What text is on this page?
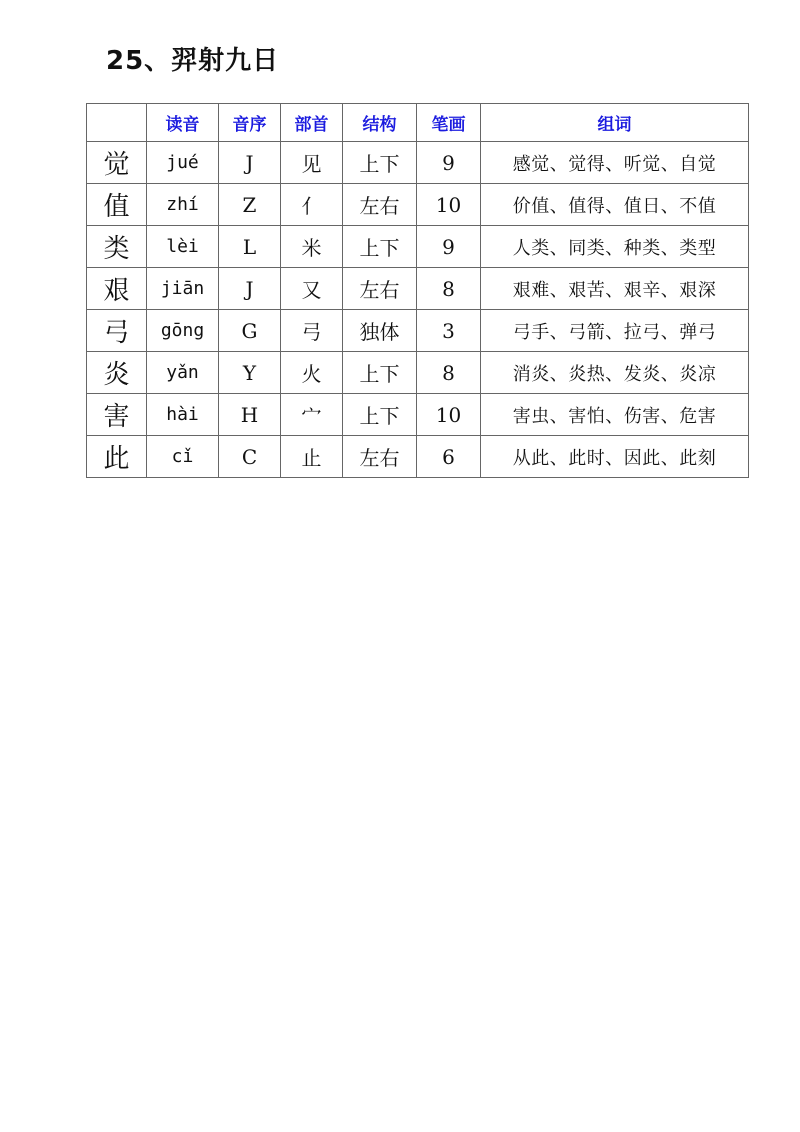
25、羿射九日
	读音	音序	部首	结构	笔画	组词
觉	jué	J	见	上下	9	感觉、觉得、听觉、自觉
值	zhí	Z	亻	左右	10	价值、值得、值日、不值
类	lèi	L	米	上下	9	人类、同类、种类、类型
艰	jiān	J	又	左右	8	艰难、艰苦、艰辛、艰深
弓	gōng	G	弓	独体	3	弓手、弓箭、拉弓、弹弓
炎	yǎn	Y	火	上下	8	消炎、炎热、发炎、炎凉
害	hài	H	宀	上下	10	害虫、害怕、伤害、危害
此	cǐ	C	止	左右	6	从此、此时、因此、此刻
